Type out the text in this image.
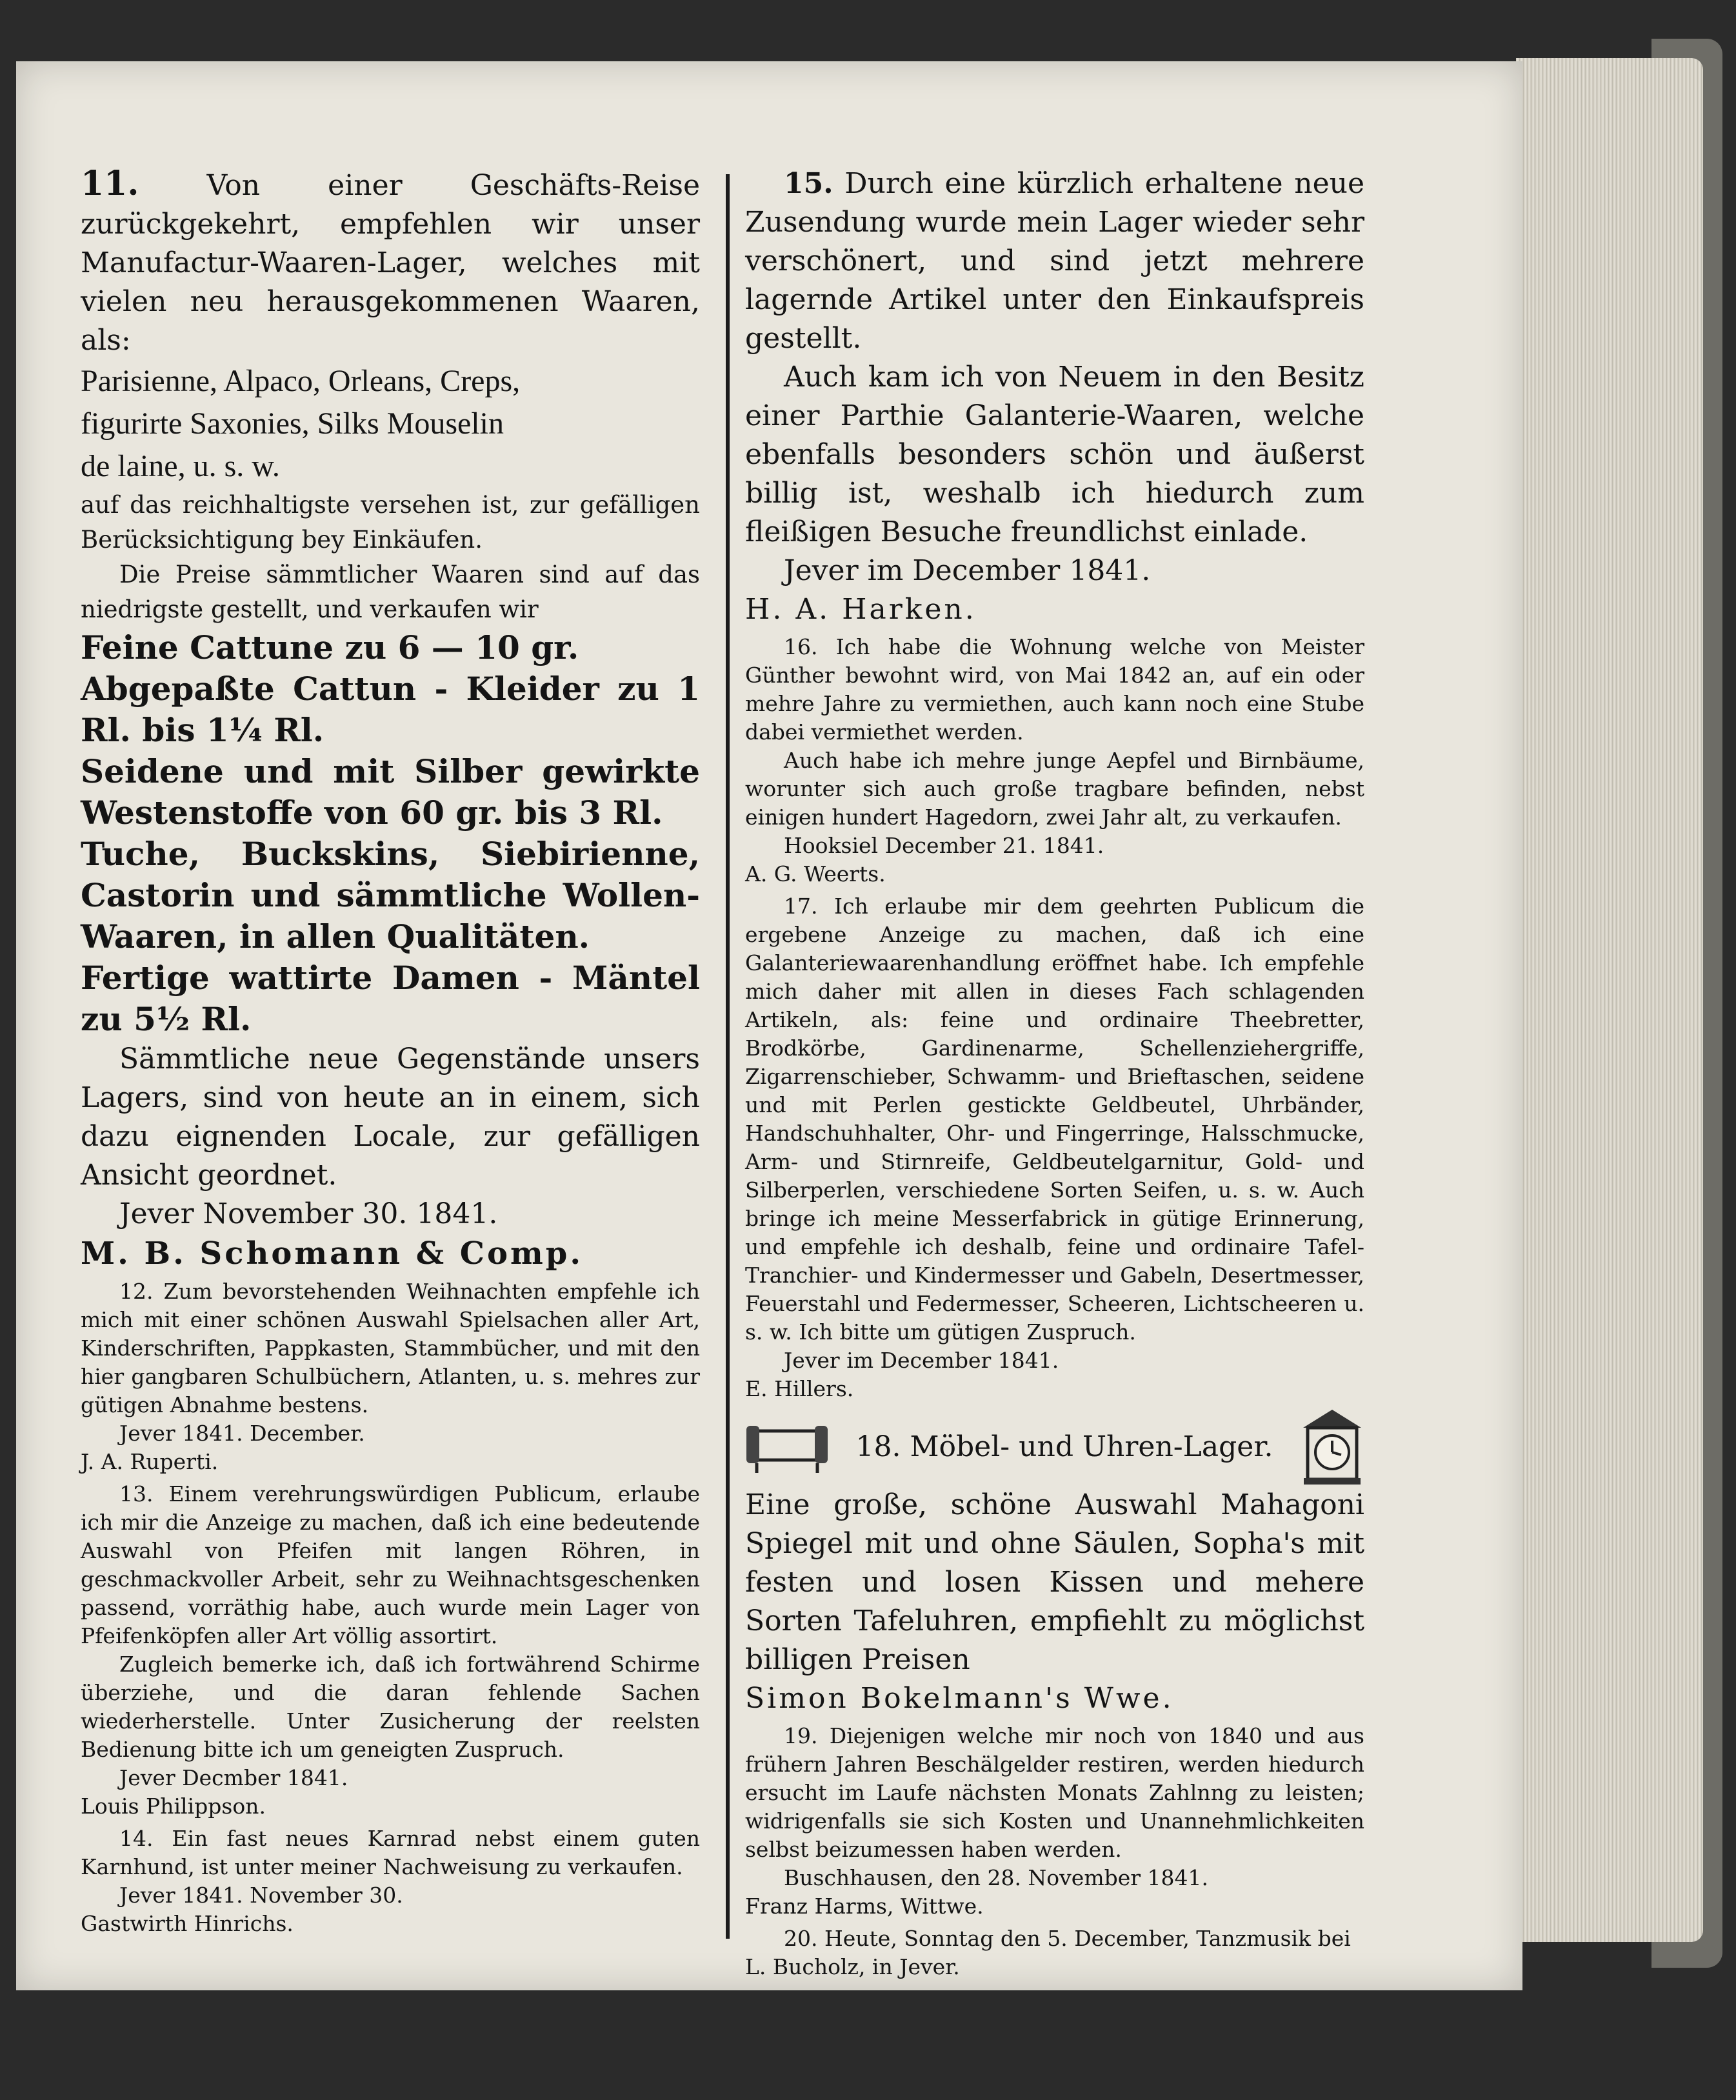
11. Von einer Geschäfts-Reise zurückgekehrt, empfehlen wir unser Manufactur-Waaren-Lager, welches mit vielen neu herausgekommenen Waaren, als:

Parisienne, Alpaco, Orleans, Creps,

figurirte Saxonies, Silks Mouselin

de laine, u. s. w.

auf das reichhaltigste versehen ist, zur gefälligen Berücksichtigung bey Einkäufen.

Die Preise sämmtlicher Waaren sind auf das niedrigste gestellt, und verkaufen wir

Feine Cattune zu 6 — 10 gr.

Abgepaßte Cattun - Kleider zu 1 Rl. bis 1¼ Rl.

Seidene und mit Silber gewirkte Westenstoffe von 60 gr. bis 3 Rl.

Tuche, Buckskins, Siebirienne, Castorin und sämmtliche Wollen-Waaren, in allen Qualitäten.

Fertige wattirte Damen - Mäntel zu 5½ Rl.

Sämmtliche neue Gegenstände unsers Lagers, sind von heute an in einem, sich dazu eignenden Locale, zur gefälligen Ansicht geordnet.

Jever November 30. 1841.

M. B. Schomann & Comp.

12. Zum bevorstehenden Weihnachten empfehle ich mich mit einer schönen Auswahl Spielsachen aller Art, Kinderschriften, Pappkasten, Stammbücher, und mit den hier gangbaren Schulbüchern, Atlanten, u. s. mehres zur gütigen Abnahme bestens.

Jever 1841. December.

J. A. Ruperti.

13. Einem verehrungswürdigen Publicum, erlaube ich mir die Anzeige zu machen, daß ich eine bedeutende Auswahl von Pfeifen mit langen Röhren, in geschmackvoller Arbeit, sehr zu Weihnachtsgeschenken passend, vorräthig habe, auch wurde mein Lager von Pfeifenköpfen aller Art völlig assortirt.

Zugleich bemerke ich, daß ich fortwährend Schirme überziehe, und die daran fehlende Sachen wiederherstelle. Unter Zusicherung der reelsten Bedienung bitte ich um geneigten Zuspruch.

Jever Decmber 1841.

Louis Philippson.

14. Ein fast neues Karnrad nebst einem guten Karnhund, ist unter meiner Nachweisung zu verkaufen.

Jever 1841. November 30.

Gastwirth Hinrichs.

15. Durch eine kürzlich erhaltene neue Zusendung wurde mein Lager wieder sehr verschönert, und sind jetzt mehrere lagernde Artikel unter den Einkaufspreis gestellt.

Auch kam ich von Neuem in den Besitz einer Parthie Galanterie-Waaren, welche ebenfalls besonders schön und äußerst billig ist, weshalb ich hiedurch zum fleißigen Besuche freundlichst einlade.

Jever im December 1841.

H. A. Harken.

16. Ich habe die Wohnung welche von Meister Günther bewohnt wird, von Mai 1842 an, auf ein oder mehre Jahre zu vermiethen, auch kann noch eine Stube dabei vermiethet werden.

Auch habe ich mehre junge Aepfel und Birnbäume, worunter sich auch große tragbare befinden, nebst einigen hundert Hagedorn, zwei Jahr alt, zu verkaufen.

Hooksiel December 21. 1841.

A. G. Weerts.

17. Ich erlaube mir dem geehrten Publicum die ergebene Anzeige zu machen, daß ich eine Galanteriewaarenhandlung eröffnet habe. Ich empfehle mich daher mit allen in dieses Fach schlagenden Artikeln, als: feine und ordinaire Theebretter, Brodkörbe, Gardinenarme, Schellenziehergriffe, Zigarrenschieber, Schwamm- und Brieftaschen, seidene und mit Perlen gestickte Geldbeutel, Uhrbänder, Handschuhhalter, Ohr- und Fingerringe, Halsschmucke, Arm- und Stirnreife, Geldbeutelgarnitur, Gold- und Silberperlen, verschiedene Sorten Seifen, u. s. w. Auch bringe ich meine Messerfabrick in gütige Erinnerung, und empfehle ich deshalb, feine und ordinaire Tafel-Tranchier- und Kindermesser und Gabeln, Desertmesser, Feuerstahl und Federmesser, Scheeren, Lichtscheeren u. s. w. Ich bitte um gütigen Zuspruch.

Jever im December 1841.

E. Hillers.

18. Möbel- und Uhren-Lager.

Eine große, schöne Auswahl Mahagoni Spiegel mit und ohne Säulen, Sopha's mit festen und losen Kissen und mehere Sorten Tafeluhren, empfiehlt zu möglichst billigen Preisen

Simon Bokelmann's Wwe.

19. Diejenigen welche mir noch von 1840 und aus frühern Jahren Beschälgelder restiren, werden hiedurch ersucht im Laufe nächsten Monats Zahlnng zu leisten; widrigenfalls sie sich Kosten und Unannehmlichkeiten selbst beizumessen haben werden.

Buschhausen, den 28. November 1841.

Franz Harms, Wittwe.

20. Heute, Sonntag den 5. December, Tanzmusik bei

L. Bucholz, in Jever.
